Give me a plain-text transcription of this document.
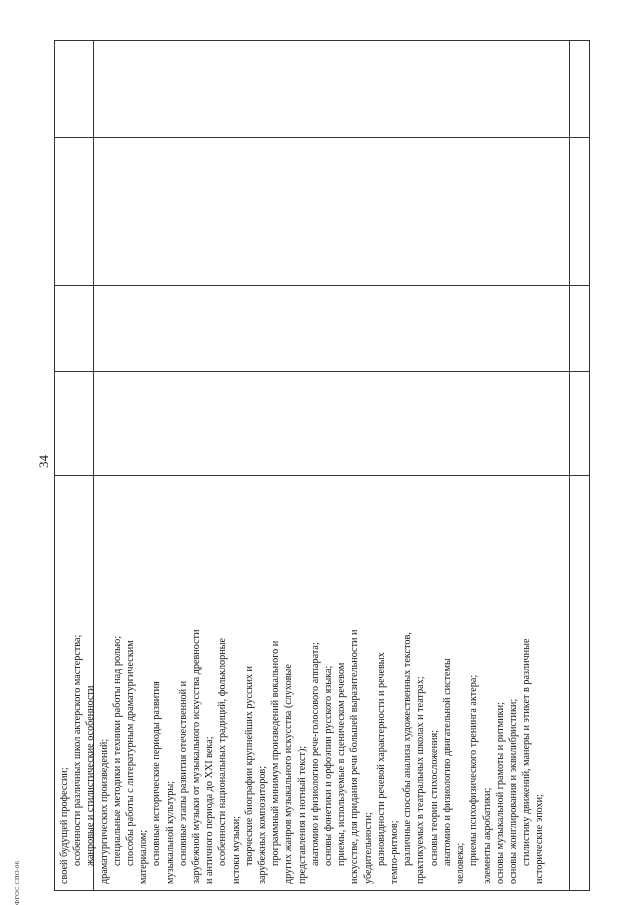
34

своей будущей профессии; особенности различных школ актерского мастерства; жанровые и стилистические особенности драматургических произведений; специальные методики и техники работы над ролью; способы работы с литературным драматургическим материалом; основные исторические периоды развития музыкальной культуры; основные этапы развития отечественной и зарубежной музыки от музыкального искусства древности и античного периода до XXI века; особенности национальных традиций, фольклорные истоки музыки; творческие биографии крупнейших русских и зарубежных композиторов; программный минимум произведений вокального и других жанров музыкального искусства (слуховые представления и нотный текст); анатомию и физиологию рече-голосового аппарата; основы фонетики и орфоэпии русского языка; приемы, используемые в сценическом речевом искусстве, для придания речи большей выразительности и убедительности; разновидности речевой характерности и речевых темпо-ритмов; различные способы анализа художественных текстов, практикуемых в театральных школах и театрах; основы теории стихосложения; анатомию и физиологию двигательной системы человека; приемы психофизического тренинга актера; элементы акробатики; основы музыкальной грамоты и ритмики; основы жонглирования и эквилибристики; стилистику движений, манеры и этикет в различные исторические эпохи;

ФГОС СПО-06
